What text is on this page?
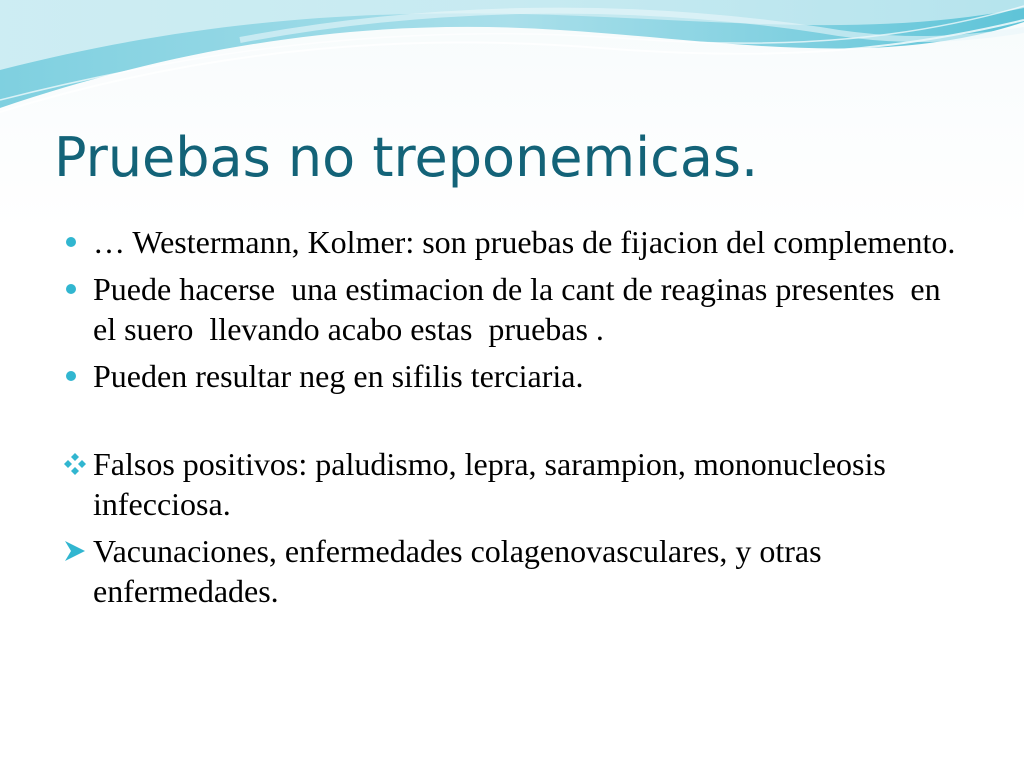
Pruebas no treponemicas.
… Westermann, Kolmer: son pruebas de fijacion del complemento.
Puede hacerse  una estimacion de la cant de reaginas presentes  en el suero  llevando acabo estas  pruebas .
Pueden resultar neg en sifilis terciaria.
Falsos positivos: paludismo, lepra, sarampion, mononucleosis infecciosa.
Vacunaciones, enfermedades colagenovasculares, y otras enfermedades.
